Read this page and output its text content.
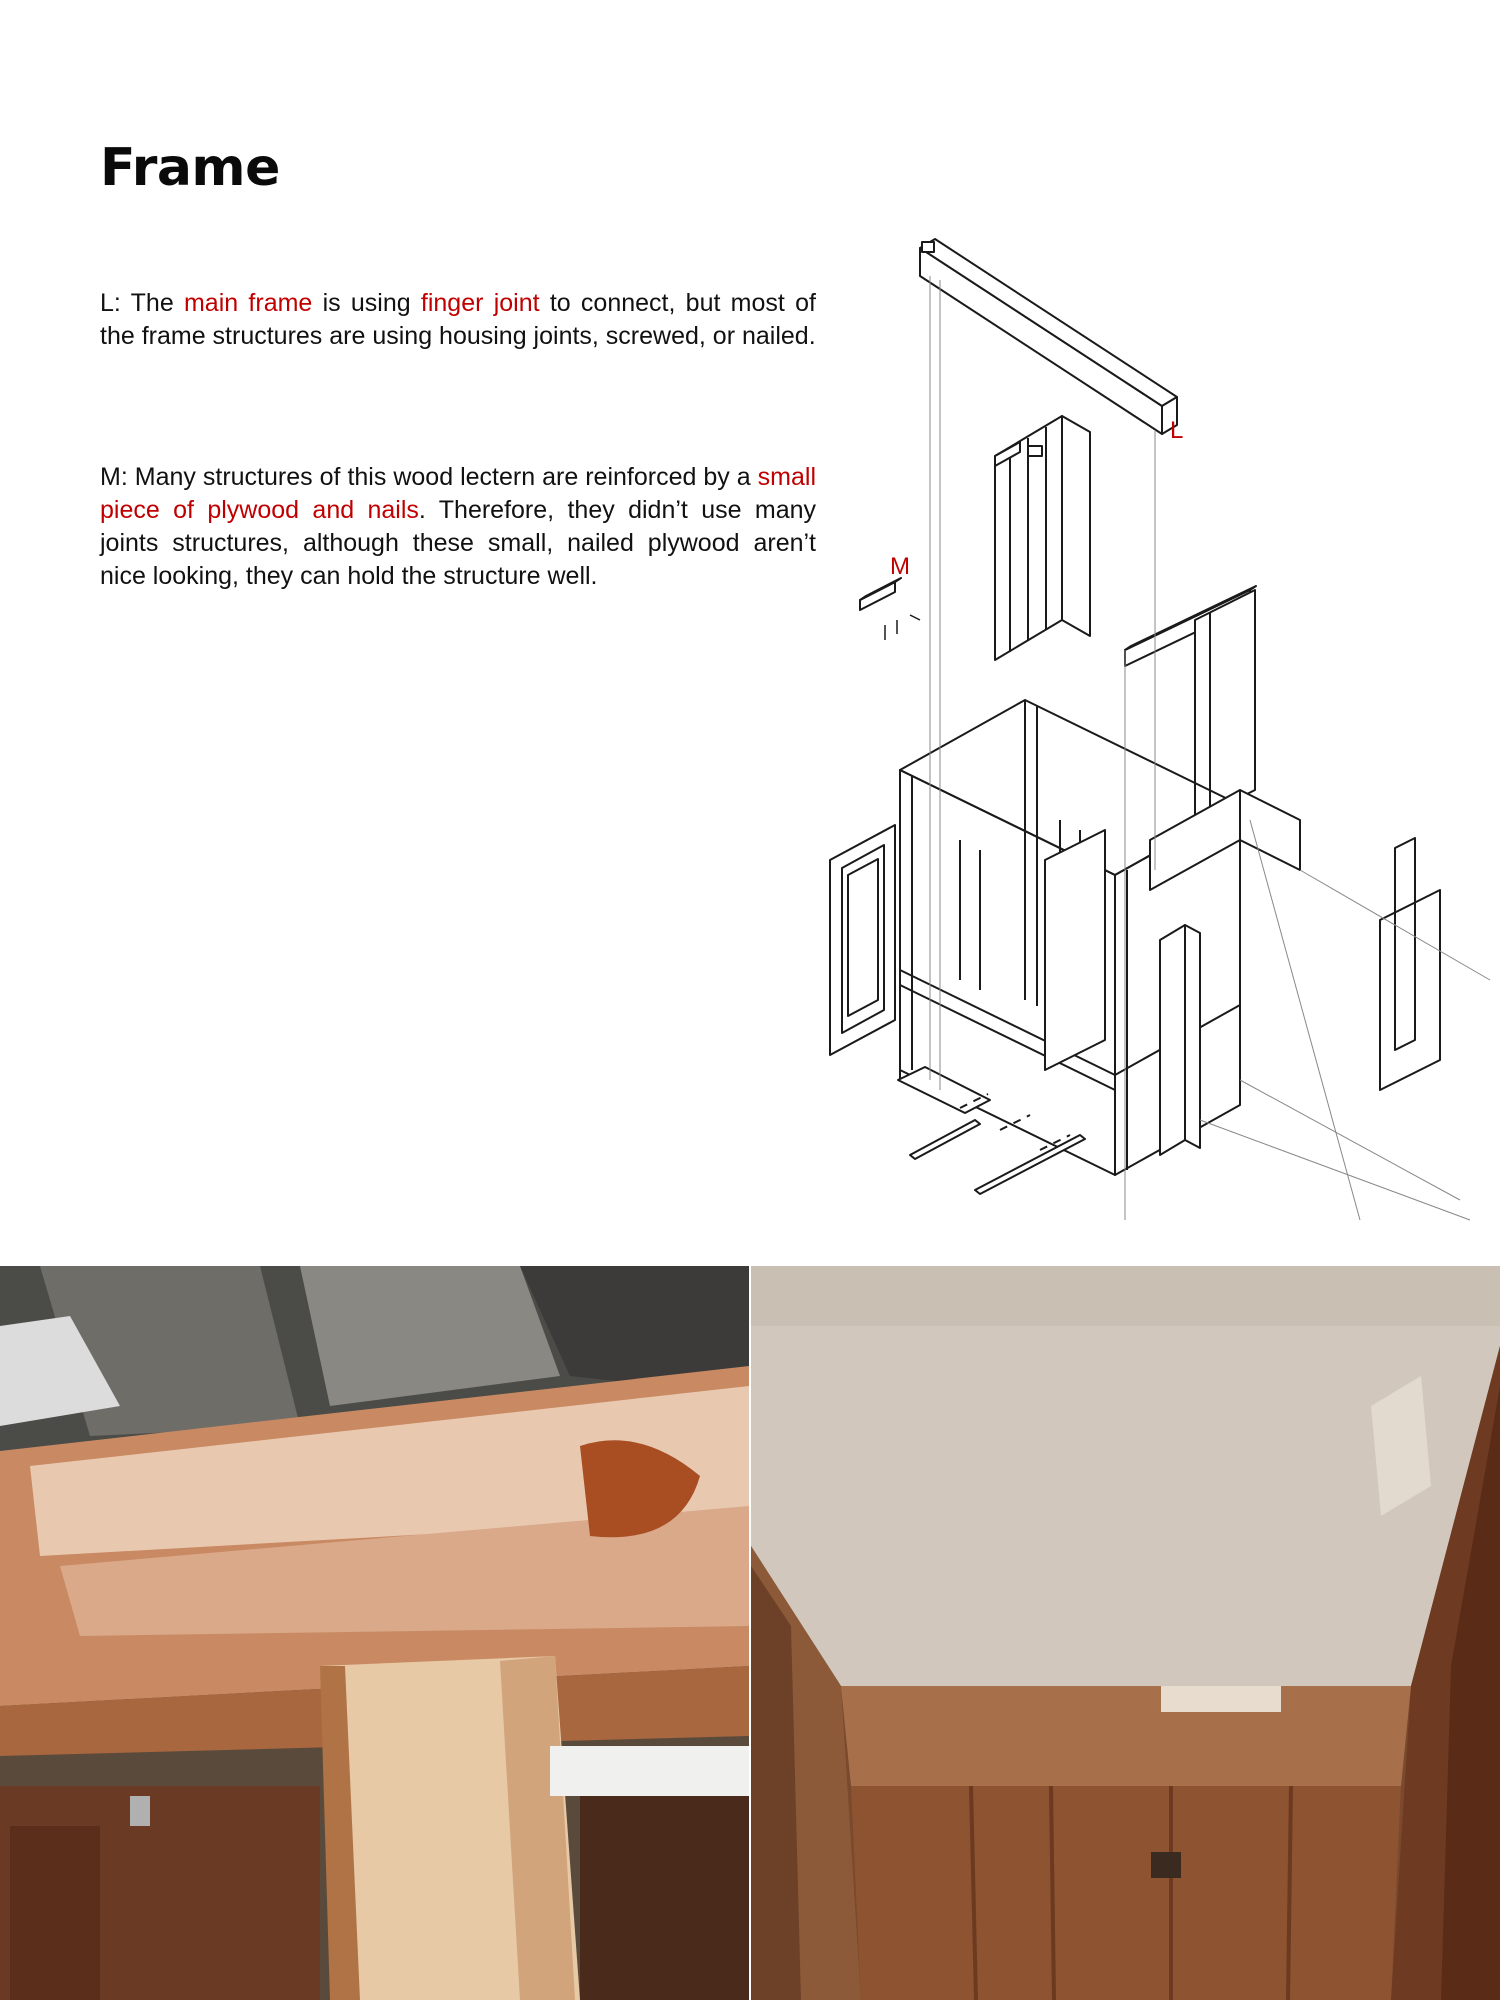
Frame

L: The main frame is using finger joint to connect, but most of the frame structures are using housing joints, screwed, or nailed.

M: Many structures of this wood lectern are reinforced by a small piece of plywood and nails. Therefore, they didn’t use many joints structures, although these small, nailed plywood aren’t nice looking, they can hold the structure well.

L
M
